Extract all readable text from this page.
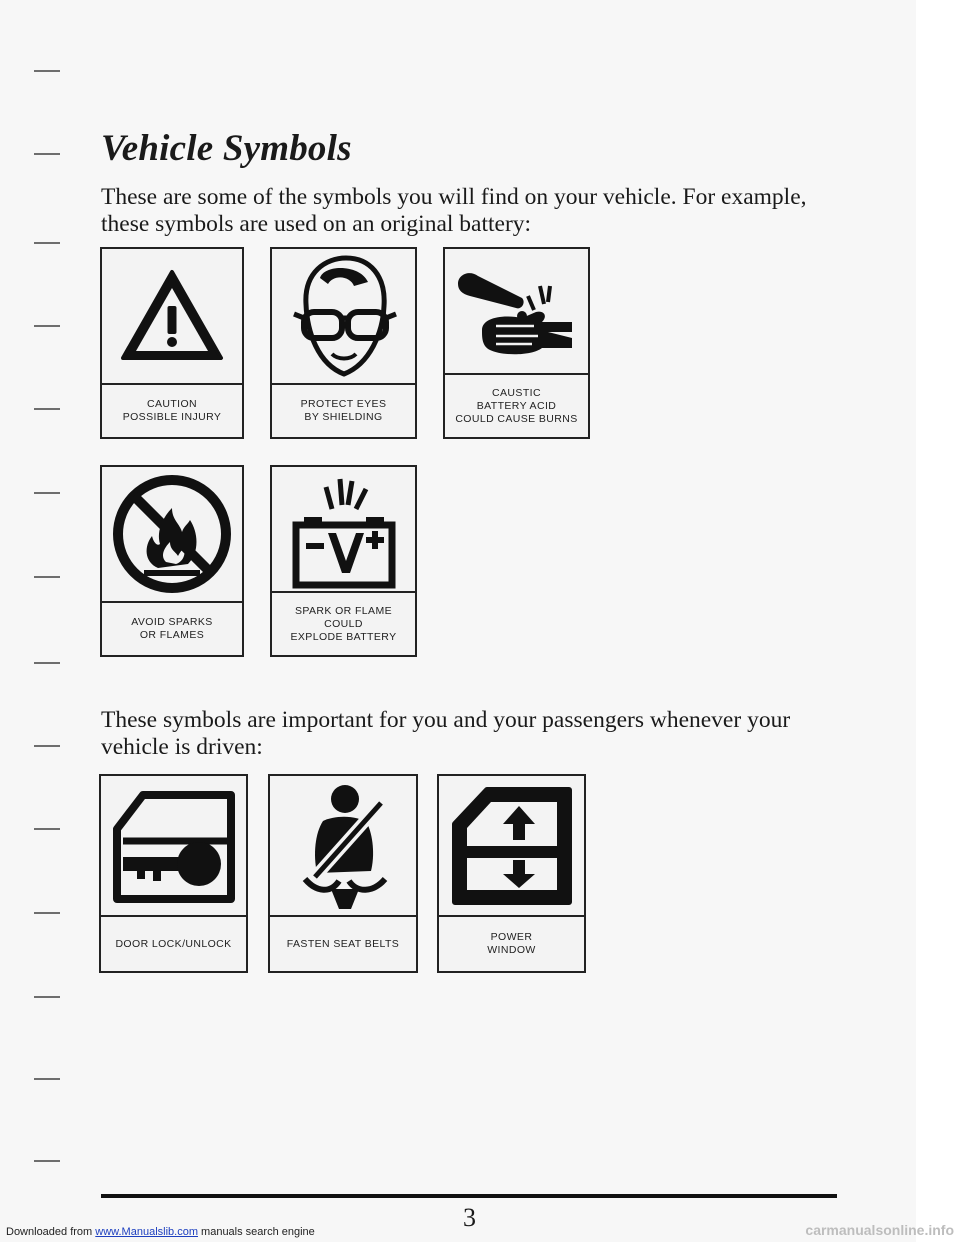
Vehicle Symbols

These are some of the symbols you will find on your vehicle. For example, these symbols are used on an original battery:

CAUTION
POSSIBLE INJURY
PROTECT EYES
BY SHIELDING
CAUSTIC
BATTERY ACID
COULD CAUSE BURNS
AVOID SPARKS
OR FLAMES
SPARK OR FLAME
COULD
EXPLODE BATTERY

These symbols are important for you and your passengers whenever your vehicle is driven:

DOOR LOCK/UNLOCK	FASTEN SEAT BELTS
POWER
WINDOW
3
Downloaded from www.Manualslib.com manuals search engine	carmanualsonline.info
